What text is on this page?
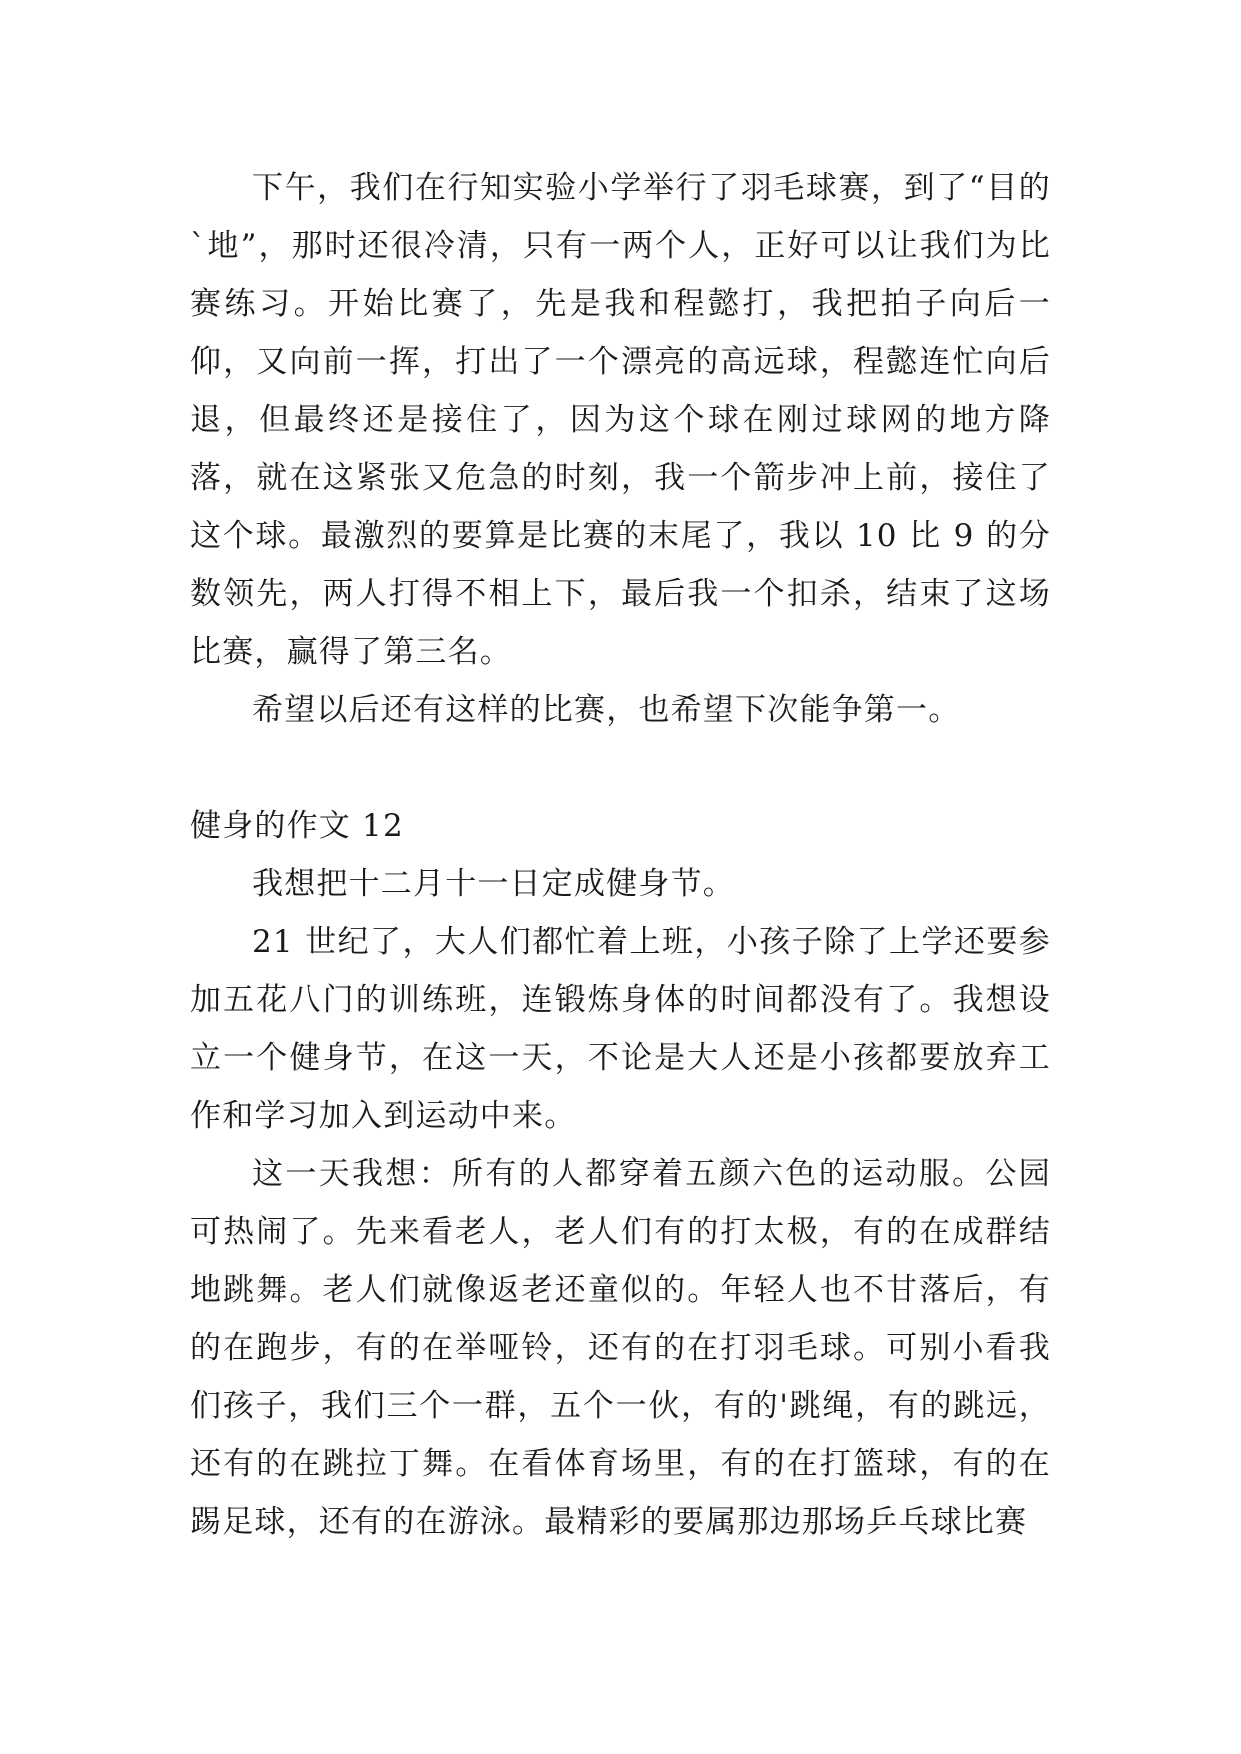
下午，我们在行知实验小学举行了羽毛球赛，到了“目的`地”，那时还很冷清，只有一两个人，正好可以让我们为比赛练习。开始比赛了，先是我和程懿打，我把拍子向后一仰，又向前一挥，打出了一个漂亮的高远球，程懿连忙向后退，但最终还是接住了，因为这个球在刚过球网的地方降落，就在这紧张又危急的时刻，我一个箭步冲上前，接住了这个球。最激烈的要算是比赛的末尾了，我以 10 比 9 的分数领先，两人打得不相上下，最后我一个扣杀，结束了这场比赛，赢得了第三名。

希望以后还有这样的比赛，也希望下次能争第一。

健身的作文 12

我想把十二月十一日定成健身节。

21 世纪了，大人们都忙着上班，小孩子除了上学还要参加五花八门的训练班，连锻炼身体的时间都没有了。我想设立一个健身节，在这一天，不论是大人还是小孩都要放弃工作和学习加入到运动中来。

这一天我想：所有的人都穿着五颜六色的运动服。公园可热闹了。先来看老人，老人们有的打太极，有的在成群结地跳舞。老人们就像返老还童似的。年轻人也不甘落后，有的在跑步，有的在举哑铃，还有的在打羽毛球。可别小看我们孩子，我们三个一群，五个一伙，有的'跳绳，有的跳远，还有的在跳拉丁舞。在看体育场里，有的在打篮球，有的在踢足球，还有的在游泳。最精彩的要属那边那场乒乓球比赛
